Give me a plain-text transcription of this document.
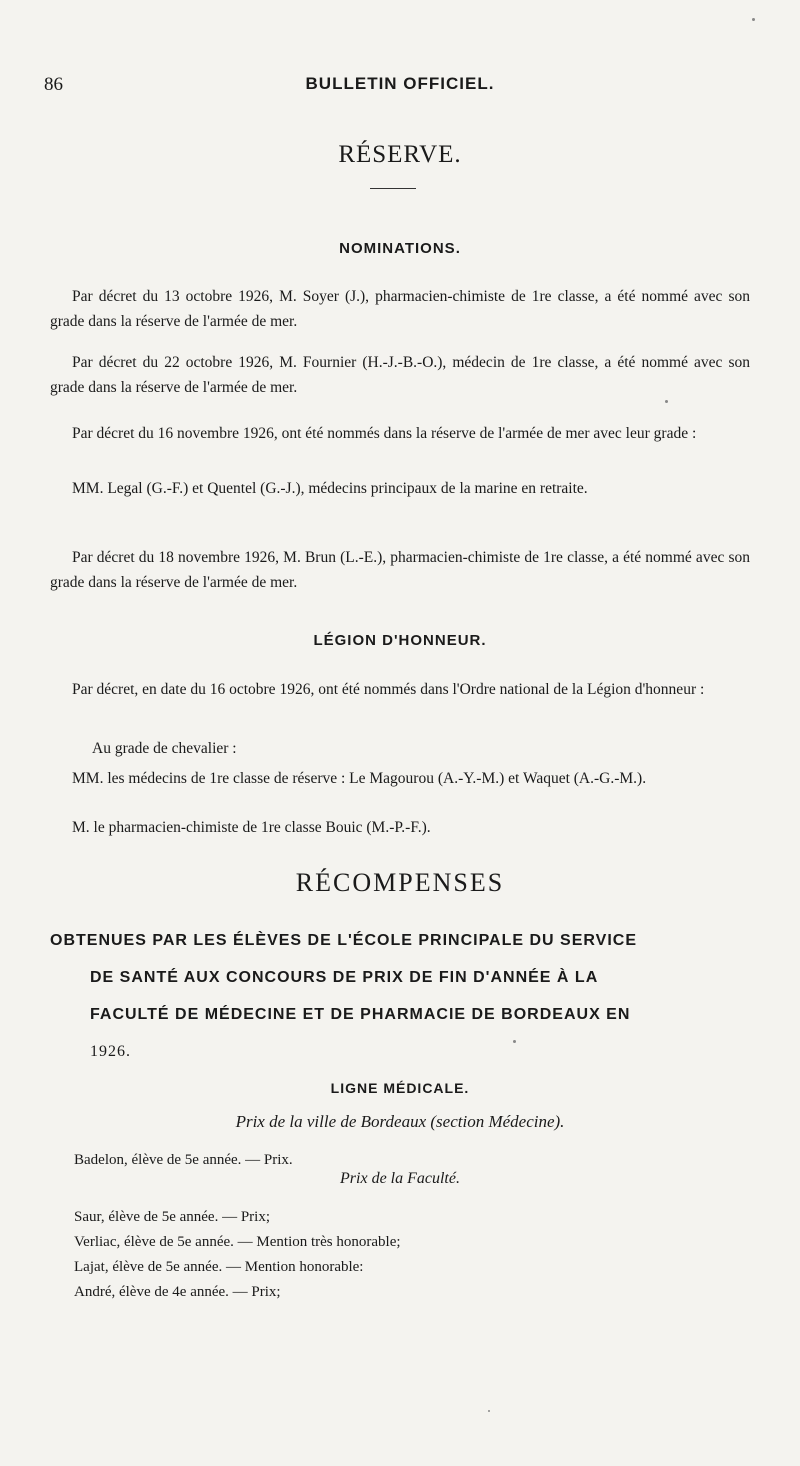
86	BULLETIN OFFICIEL.
RÉSERVE.
NOMINATIONS.
Par décret du 13 octobre 1926, M. Soyer (J.), pharmacien-chimiste de 1re classe, a été nommé avec son grade dans la réserve de l'armée de mer.
Par décret du 22 octobre 1926, M. Fournier (H.-J.-B.-O.), médecin de 1re classe, a été nommé avec son grade dans la réserve de l'armée de mer.
Par décret du 16 novembre 1926, ont été nommés dans la réserve de l'armée de mer avec leur grade :
MM. Legal (G.-F.) et Quentel (G.-J.), médecins principaux de la marine en retraite.
Par décret du 18 novembre 1926, M. Brun (L.-E.), pharmacien-chimiste de 1re classe, a été nommé avec son grade dans la réserve de l'armée de mer.
LÉGION D'HONNEUR.
Par décret, en date du 16 octobre 1926, ont été nommés dans l'Ordre national de la Légion d'honneur :
Au grade de chevalier :
MM. les médecins de 1re classe de réserve : Le Magourou (A.-Y.-M.) et Waquet (A.-G.-M.).
M. le pharmacien-chimiste de 1re classe Bouic (M.-P.-F.).
RÉCOMPENSES
OBTENUES PAR LES ÉLÈVES DE L'ÉCOLE PRINCIPALE DU SERVICE
DE SANTÉ AUX CONCOURS DE PRIX DE FIN D'ANNÉE À LA
FACULTÉ DE MÉDECINE ET DE PHARMACIE DE BORDEAUX EN
1926.
LIGNE MÉDICALE.
Prix de la ville de Bordeaux (section Médecine).
Badelon, élève de 5e année. — Prix.
Prix de la Faculté.
Saur, élève de 5e année. — Prix;
Verliac, élève de 5e année. — Mention très honorable;
Lajat, élève de 5e année. — Mention honorable:
André, élève de 4e année. — Prix;
